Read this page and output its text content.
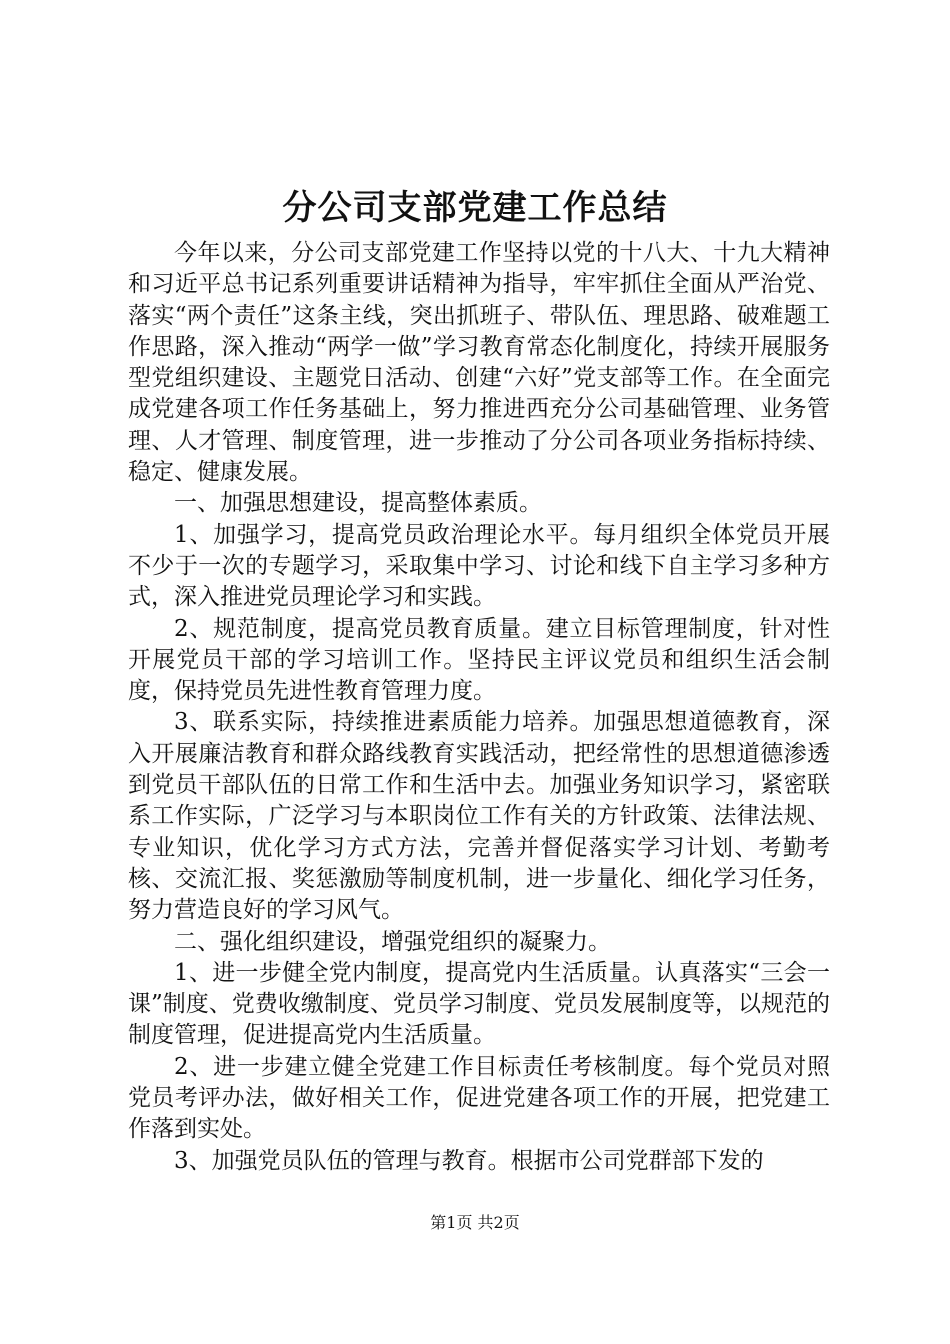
分公司支部党建工作总结

今年以来，分公司支部党建工作坚持以党的十八大、十九大精神和习近平总书记系列重要讲话精神为指导，牢牢抓住全面从严治党、落实“两个责任”这条主线，突出抓班子、带队伍、理思路、破难题工作思路，深入推动“两学一做”学习教育常态化制度化，持续开展服务型党组织建设、主题党日活动、创建“六好”党支部等工作。在全面完成党建各项工作任务基础上，努力推进西充分公司基础管理、业务管理、人才管理、制度管理，进一步推动了分公司各项业务指标持续、稳定、健康发展。

一、加强思想建设，提高整体素质。

1、加强学习，提高党员政治理论水平。每月组织全体党员开展不少于一次的专题学习，采取集中学习、讨论和线下自主学习多种方式，深入推进党员理论学习和实践。

2、规范制度，提高党员教育质量。建立目标管理制度，针对性开展党员干部的学习培训工作。坚持民主评议党员和组织生活会制度，保持党员先进性教育管理力度。

3、联系实际，持续推进素质能力培养。加强思想道德教育，深入开展廉洁教育和群众路线教育实践活动，把经常性的思想道德渗透到党员干部队伍的日常工作和生活中去。加强业务知识学习，紧密联系工作实际，广泛学习与本职岗位工作有关的方针政策、法律法规、专业知识，优化学习方式方法，完善并督促落实学习计划、考勤考核、交流汇报、奖惩激励等制度机制，进一步量化、细化学习任务，努力营造良好的学习风气。

二、强化组织建设，增强党组织的凝聚力。

1、进一步健全党内制度，提高党内生活质量。认真落实“三会一课”制度、党费收缴制度、党员学习制度、党员发展制度等，以规范的制度管理，促进提高党内生活质量。

2、进一步建立健全党建工作目标责任考核制度。每个党员对照党员考评办法，做好相关工作，促进党建各项工作的开展，把党建工作落到实处。

3、加强党员队伍的管理与教育。根据市公司党群部下发的

第1页 共2页
